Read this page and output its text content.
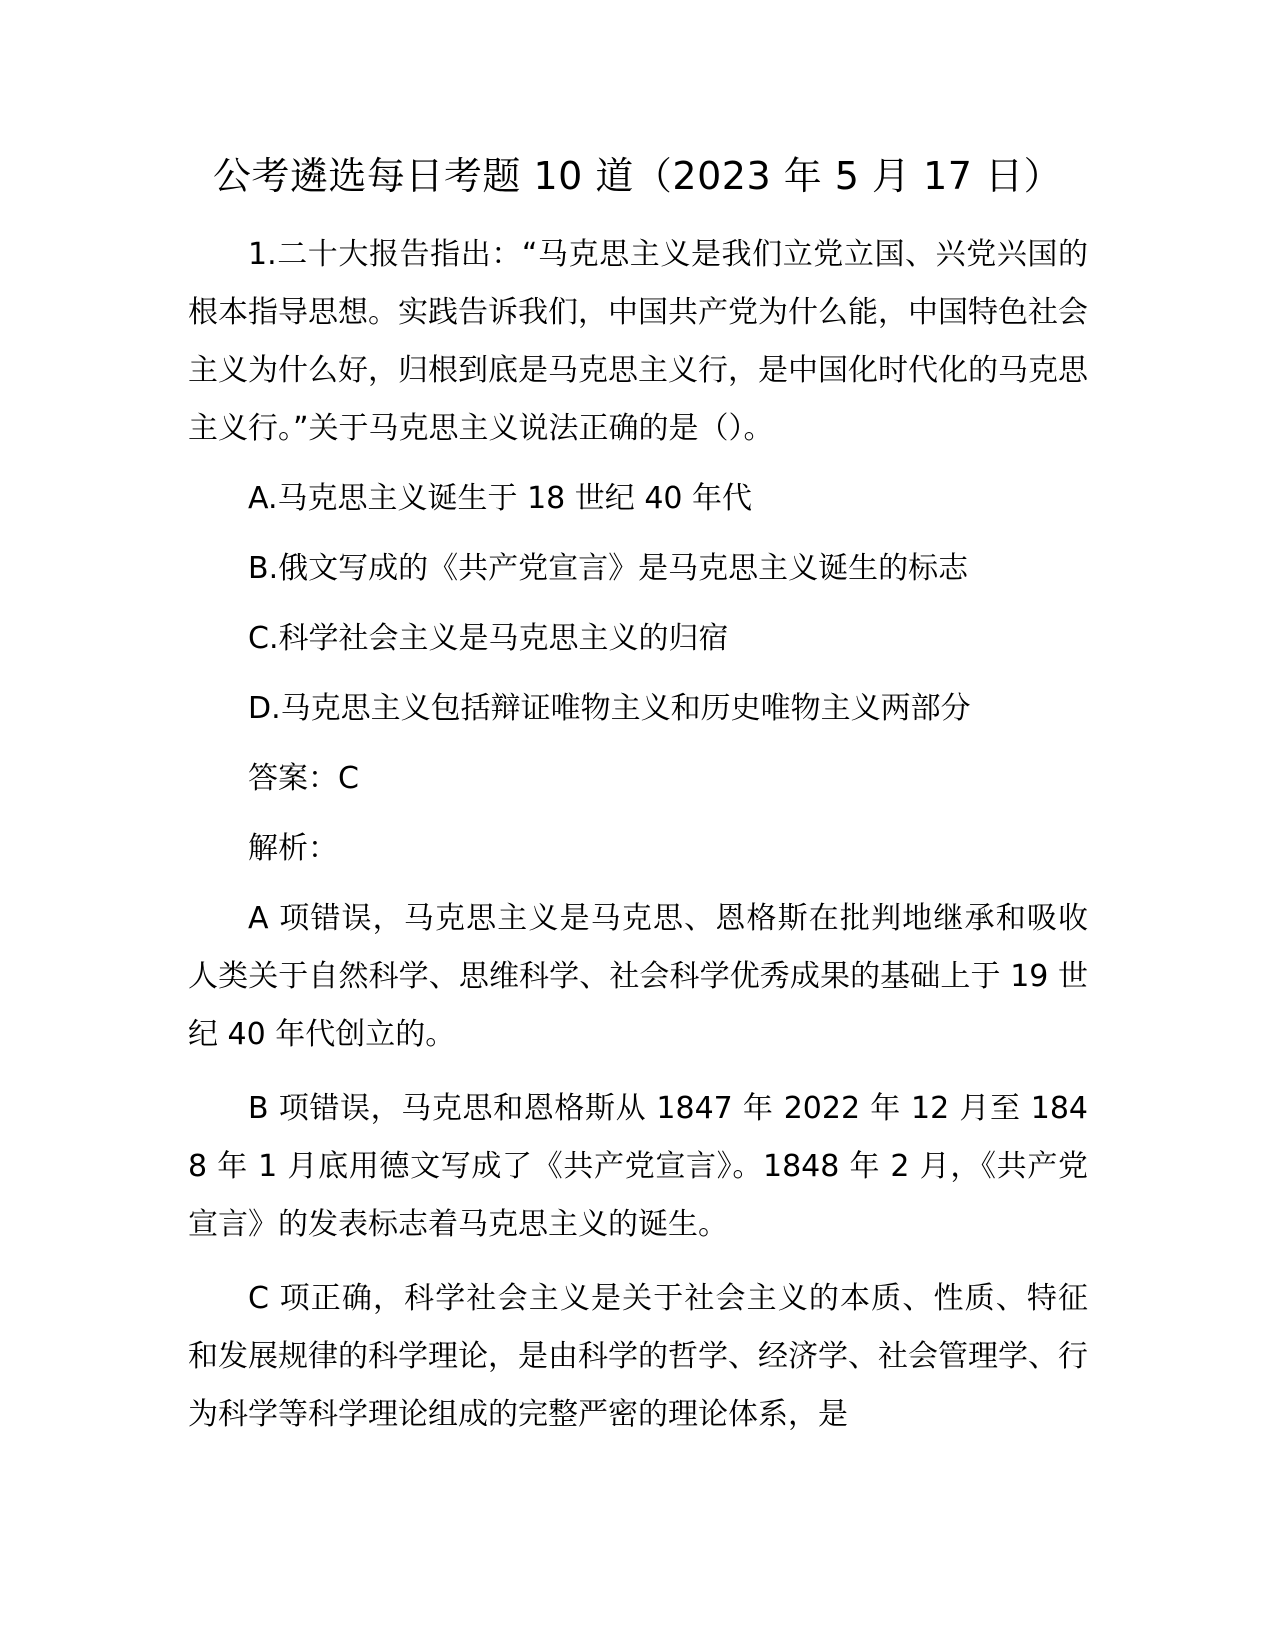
公考遴选每日考题 10 道（2023 年 5 月 17 日）

1.二十大报告指出：“马克思主义是我们立党立国、兴党兴国的根本指导思想。实践告诉我们，中国共产党为什么能，中国特色社会主义为什么好，归根到底是马克思主义行，是中国化时代化的马克思主义行。”关于马克思主义说法正确的是（）。

A.马克思主义诞生于 18 世纪 40 年代

B.俄文写成的《共产党宣言》是马克思主义诞生的标志

C.科学社会主义是马克思主义的归宿

D.马克思主义包括辩证唯物主义和历史唯物主义两部分

答案：C

解析：

A 项错误，马克思主义是马克思、恩格斯在批判地继承和吸收人类关于自然科学、思维科学、社会科学优秀成果的基础上于 19 世纪 40 年代创立的。

B 项错误，马克思和恩格斯从 1847 年 2022 年 12 月至 1848 年 1 月底用德文写成了《共产党宣言》。1848 年 2 月，《共产党宣言》的发表标志着马克思主义的诞生。

C 项正确，科学社会主义是关于社会主义的本质、性质、特征和发展规律的科学理论，是由科学的哲学、经济学、社会管理学、行为科学等科学理论组成的完整严密的理论体系，是
